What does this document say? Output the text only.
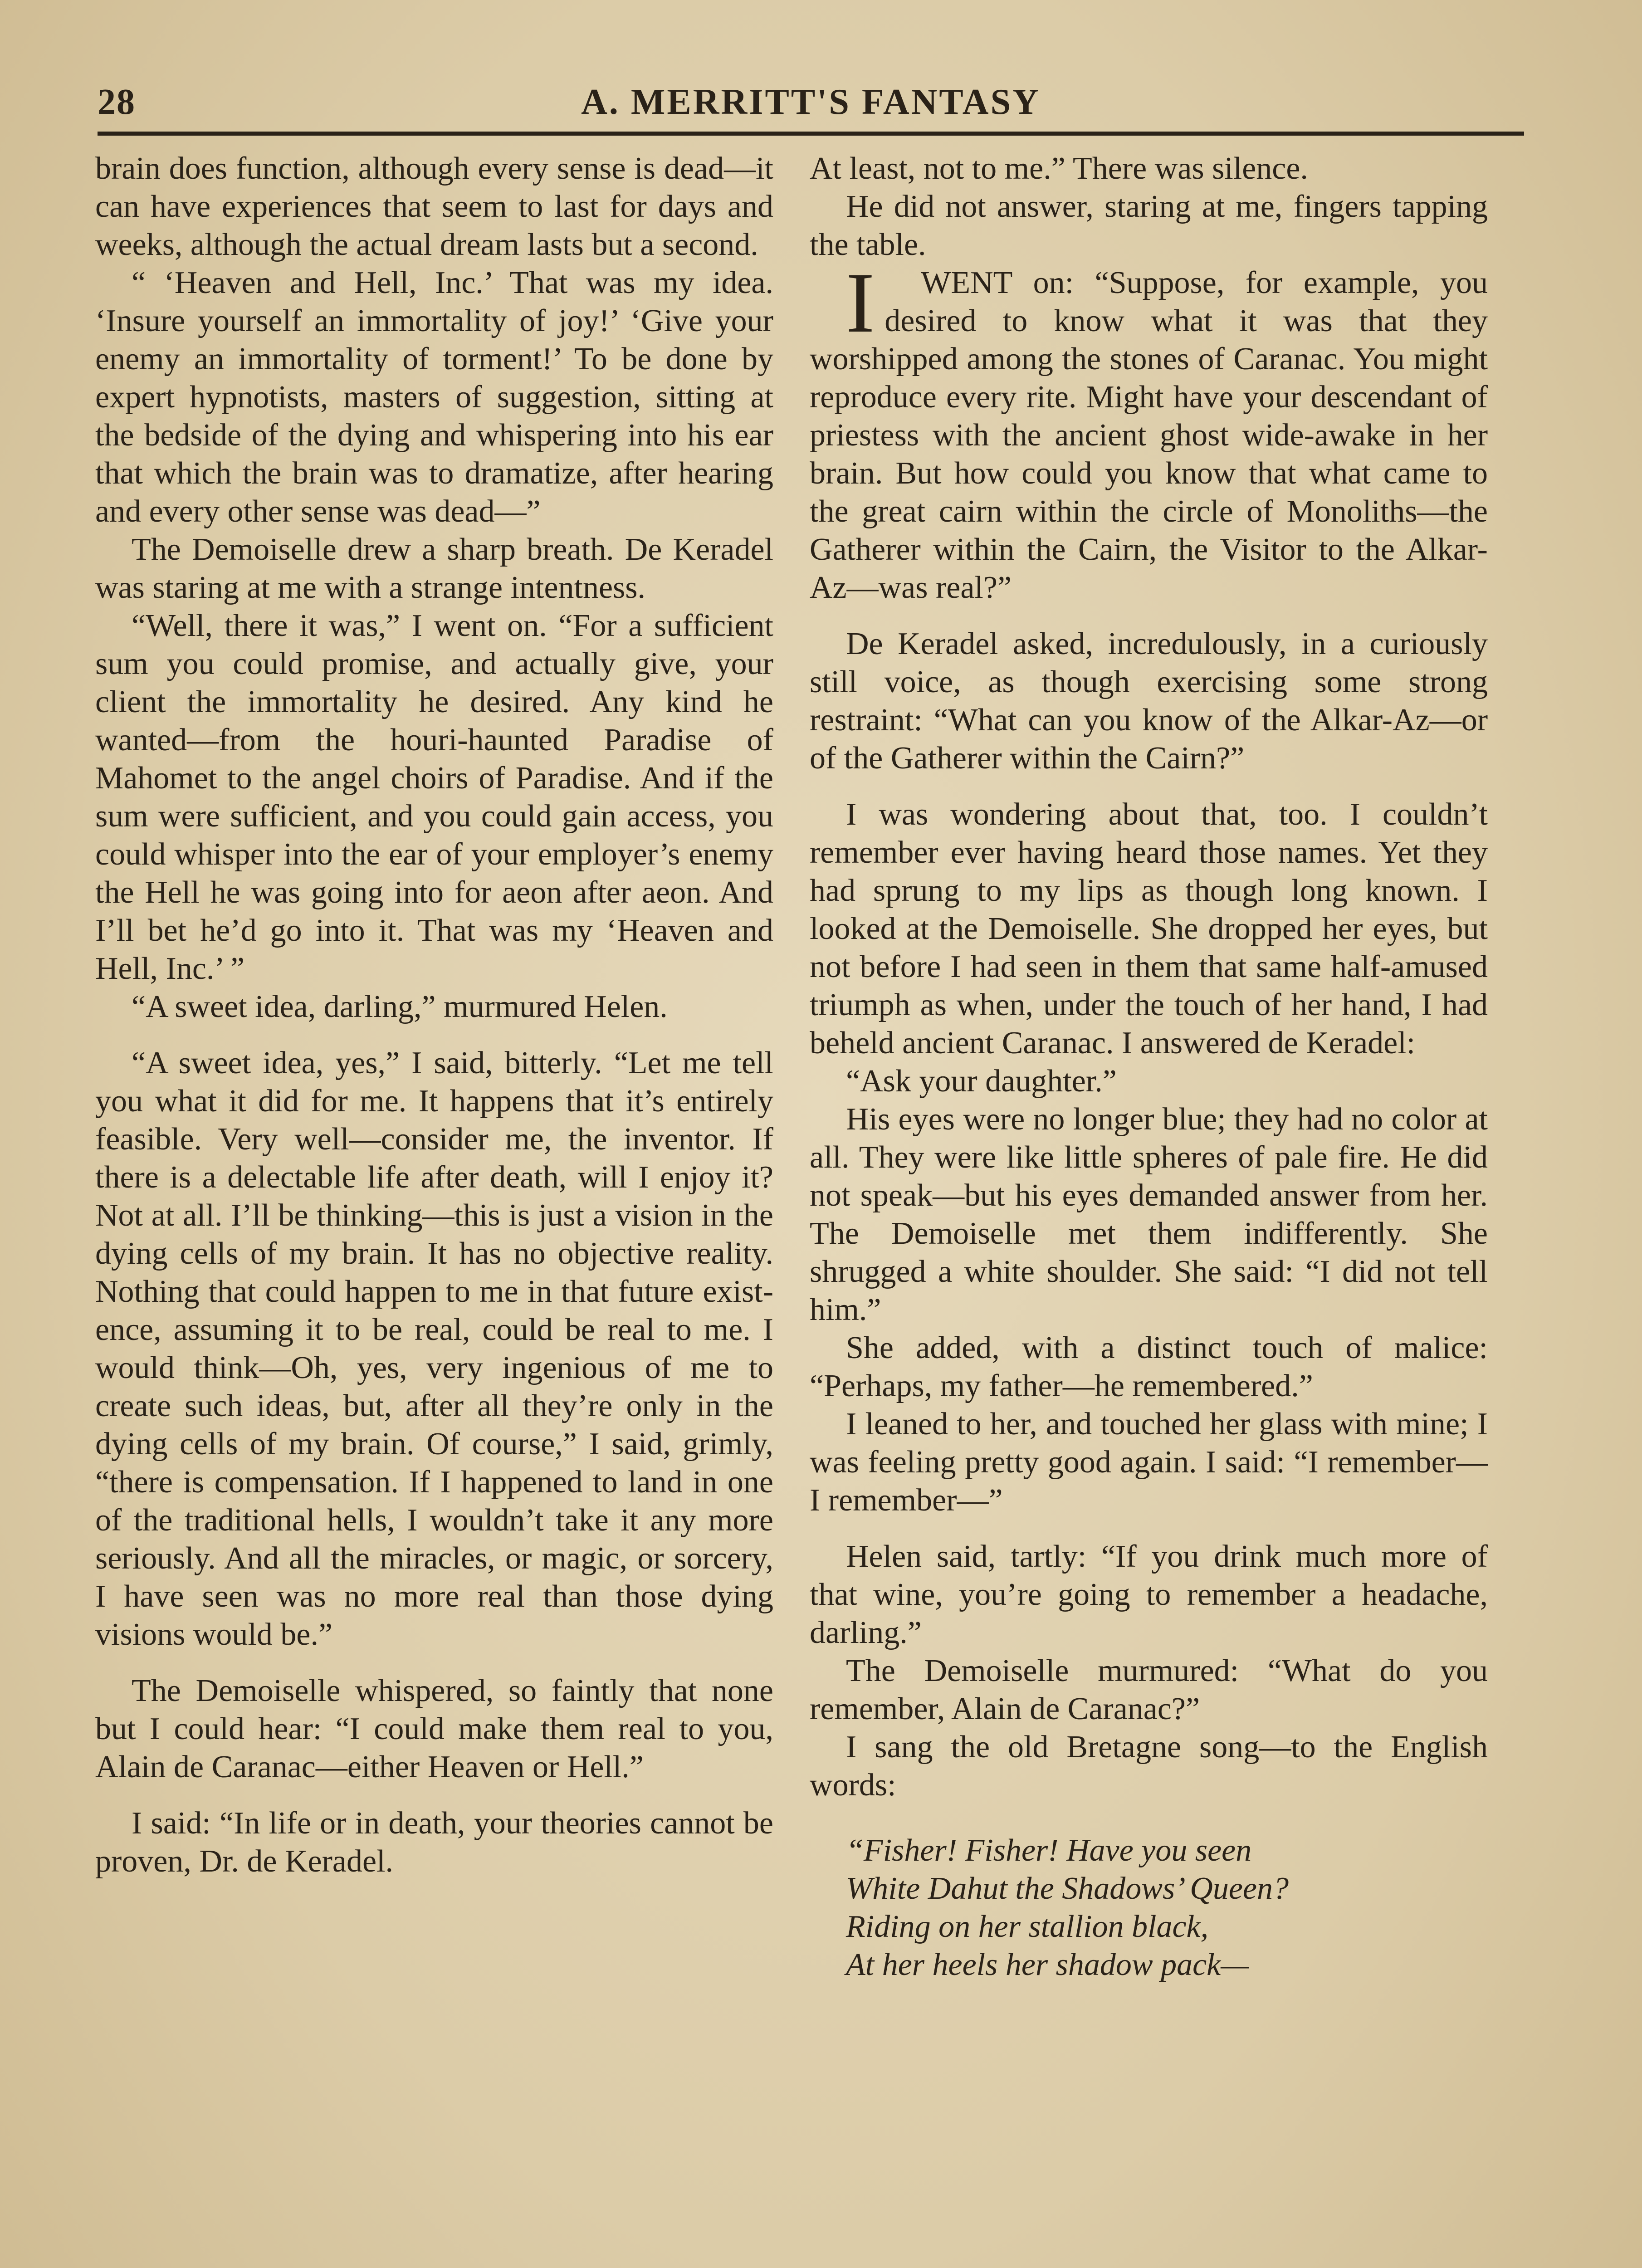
28	A. MERRITT'S FANTASY

brain does function, although every sense is dead—it can have experiences that seem to last for days and weeks, although the actual dream lasts but a second.

“ ‘Heaven and Hell, Inc.’ That was my idea. ‘Insure yourself an immortality of joy!’ ‘Give your enemy an immortality of torment!’ To be done by expert hypnotists, masters of suggestion, sitting at the bedside of the dying and whispering into his ear that which the brain was to dramatize, after hearing and every other sense was dead—”

The Demoiselle drew a sharp breath. De Keradel was staring at me with a strange intentness.

“Well, there it was,” I went on. “For a sufficient sum you could promise, and actually give, your client the immortality he desired. Any kind he wanted—from the houri-haunted Paradise of Mahomet to the angel choirs of Paradise. And if the sum were sufficient, and you could gain access, you could whisper into the ear of your employer’s enemy the Hell he was going into for aeon after aeon. And I’ll bet he’d go into it. That was my ‘Heaven and Hell, Inc.’ ”

“A sweet idea, darling,” murmured Helen.

“A sweet idea, yes,” I said, bitterly. “Let me tell you what it did for me. It happens that it’s entirely feasible. Very well—consider me, the inventor. If there is a delectable life after death, will I enjoy it? Not at all. I’ll be thinking—this is just a vision in the dying cells of my brain. It has no objective reality. Nothing that could happen to me in that future existence, assuming it to be real, could be real to me. I would think—Oh, yes, very ingenious of me to create such ideas, but, after all they’re only in the dying cells of my brain. Of course,” I said, grimly, “there is compensation. If I happened to land in one of the traditional hells, I wouldn’t take it any more seriously. And all the miracles, or magic, or sorcery, I have seen was no more real than those dying visions would be.”

The Demoiselle whispered, so faintly that none but I could hear: “I could make them real to you, Alain de Caranac—either Heaven or Hell.”

I said: “In life or in death, your theories cannot be proven, Dr. de Keradel.

At least, not to me.” There was silence.

He did not answer, staring at me, fingers tapping the table.

I WENT on: “Suppose, for example, you desired to know what it was that they worshipped among the stones of Caranac. You might reproduce every rite. Might have your descendant of priestess with the ancient ghost wide-awake in her brain. But how could you know that what came to the great cairn within the circle of Monoliths—the Gatherer within the Cairn, the Visitor to the Alkar-Az—was real?”

De Keradel asked, incredulously, in a curiously still voice, as though exercising some strong restraint: “What can you know of the Alkar-Az—or of the Gatherer within the Cairn?”

I was wondering about that, too. I couldn’t remember ever having heard those names. Yet they had sprung to my lips as though long known. I looked at the Demoiselle. She dropped her eyes, but not before I had seen in them that same half-amused triumph as when, under the touch of her hand, I had beheld ancient Caranac. I answered de Keradel:

“Ask your daughter.”

His eyes were no longer blue; they had no color at all. They were like little spheres of pale fire. He did not speak—but his eyes demanded answer from her. The Demoiselle met them indifferently. She shrugged a white shoulder. She said: “I did not tell him.”

She added, with a distinct touch of malice: “Perhaps, my father—he remembered.”

I leaned to her, and touched her glass with mine; I was feeling pretty good again. I said: “I remember—I remember—”

Helen said, tartly: “If you drink much more of that wine, you’re going to remember a headache, darling.”

The Demoiselle murmured: “What do you remember, Alain de Caranac?”

I sang the old Bretagne song—to the English words:

“Fisher! Fisher! Have you seen

White Dahut the Shadows’ Queen?

Riding on her stallion black,

At her heels her shadow pack—
